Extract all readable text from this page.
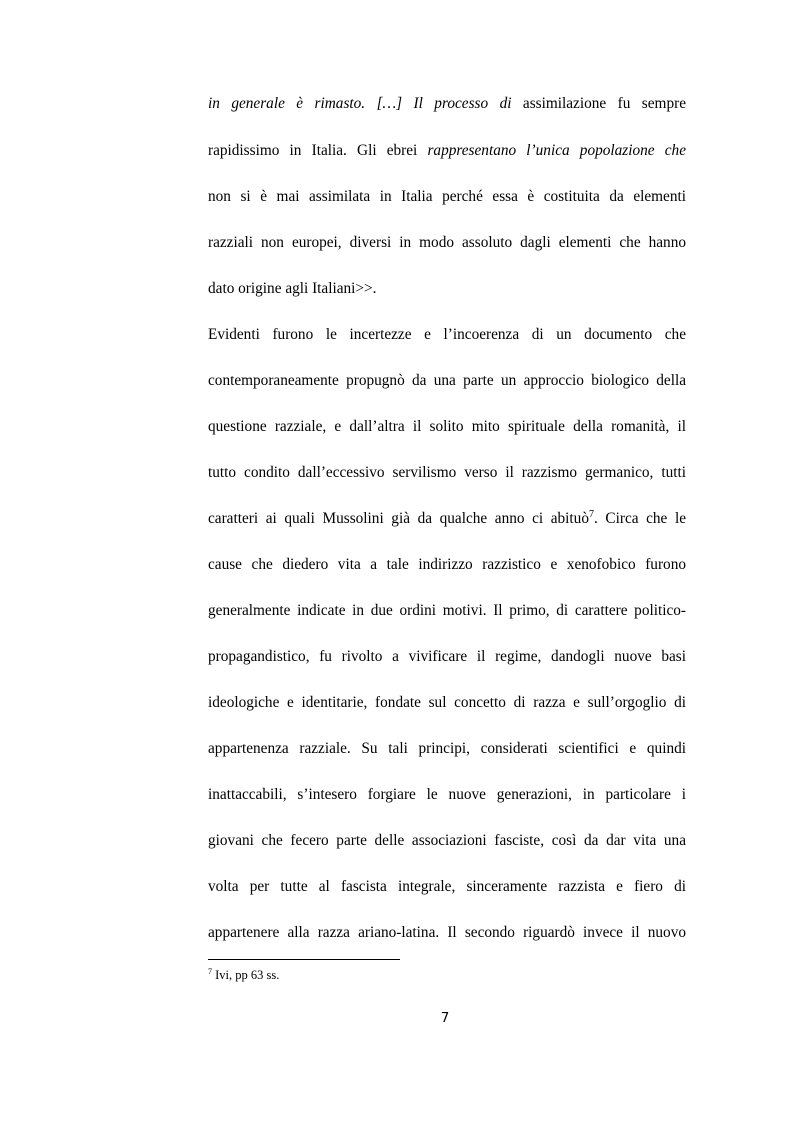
in generale è rimasto. […] Il processo di assimilazione fu sempre
rapidissimo in Italia. Gli ebrei rappresentano l’unica popolazione che
non si è mai assimilata in Italia perché essa è costituita da elementi
razziali non europei, diversi in modo assoluto dagli elementi che hanno
dato origine agli Italiani>>.
Evidenti furono le incertezze e l’incoerenza di un documento che
contemporaneamente propugnò da una parte un approccio biologico della
questione razziale, e dall’altra il solito mito spirituale della romanità, il
tutto condito dall’eccessivo servilismo verso il razzismo germanico, tutti
caratteri ai quali Mussolini già da qualche anno ci abituò$^7$. Circa che le
cause che diedero vita a tale indirizzo razzistico e xenofobico furono
generalmente indicate in due ordini motivi. Il primo, di carattere politico-
propagandistico, fu rivolto a vivificare il regime, dandogli nuove basi
ideologiche e identitarie, fondate sul concetto di razza e sull’orgoglio di
appartenenza razziale. Su tali principi, considerati scientifici e quindi
inattaccabili, s’intesero forgiare le nuove generazioni, in particolare i
giovani che fecero parte delle associazioni fasciste, così da dar vita una
volta per tutte al fascista integrale, sinceramente razzista e fiero di
appartenere alla razza ariano-latina. Il secondo riguardò invece il nuovo
$^7$ Ivi, pp 63 ss.
7
